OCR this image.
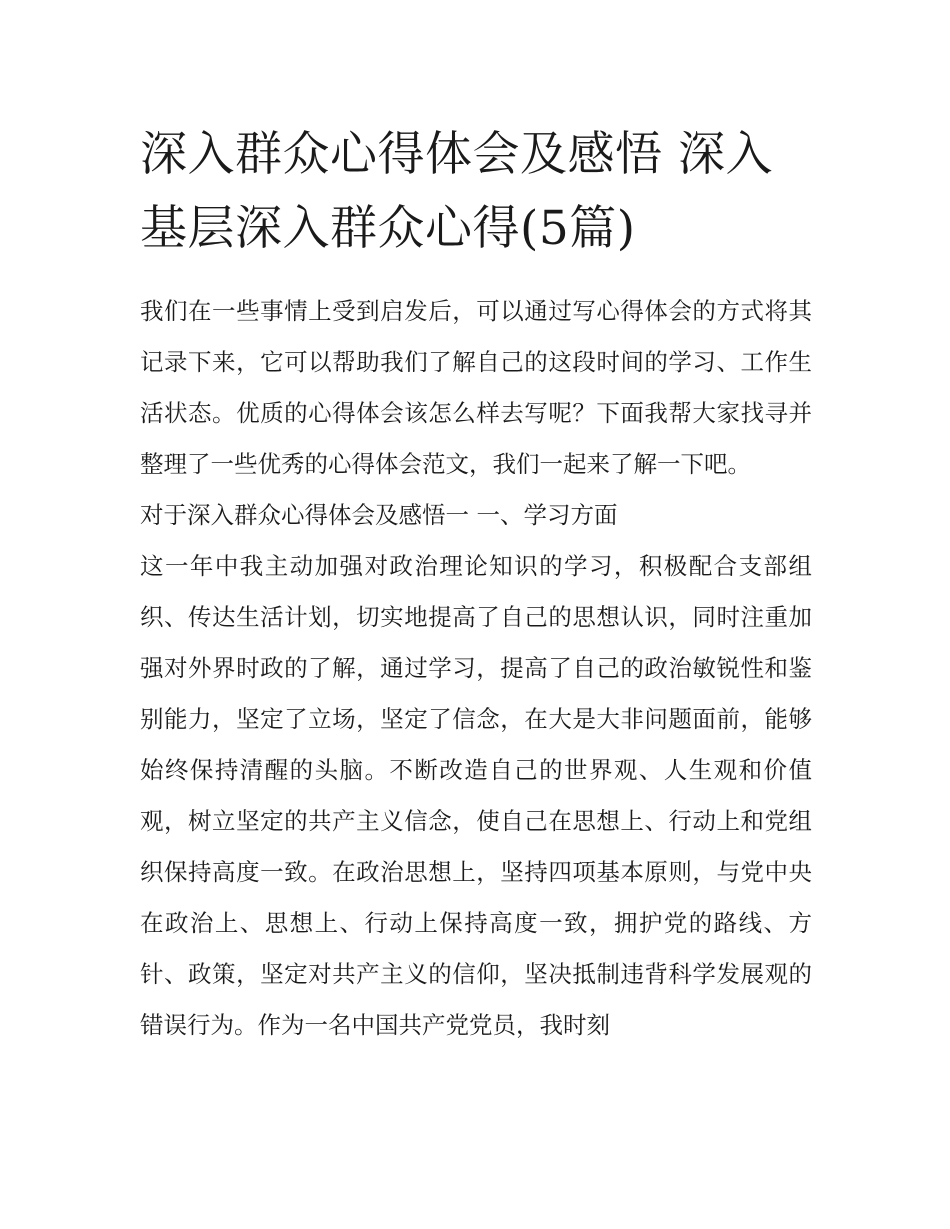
深入群众心得体会及感悟 深入基层深入群众心得(5篇)

我们在一些事情上受到启发后，可以通过写心得体会的方式将其记录下来，它可以帮助我们了解自己的这段时间的学习、工作生活状态。优质的心得体会该怎么样去写呢？下面我帮大家找寻并整理了一些优秀的心得体会范文，我们一起来了解一下吧。

对于深入群众心得体会及感悟一 一、学习方面

这一年中我主动加强对政治理论知识的学习，积极配合支部组织、传达生活计划，切实地提高了自己的思想认识，同时注重加强对外界时政的了解，通过学习，提高了自己的政治敏锐性和鉴别能力，坚定了立场，坚定了信念，在大是大非问题面前，能够始终保持清醒的头脑。不断改造自己的世界观、人生观和价值观，树立坚定的共产主义信念，使自己在思想上、行动上和党组织保持高度一致。在政治思想上，坚持四项基本原则，与党中央在政治上、思想上、行动上保持高度一致，拥护党的路线、方针、政策，坚定对共产主义的信仰，坚决抵制违背科学发展观的错误行为。作为一名中国共产党党员，我时刻
